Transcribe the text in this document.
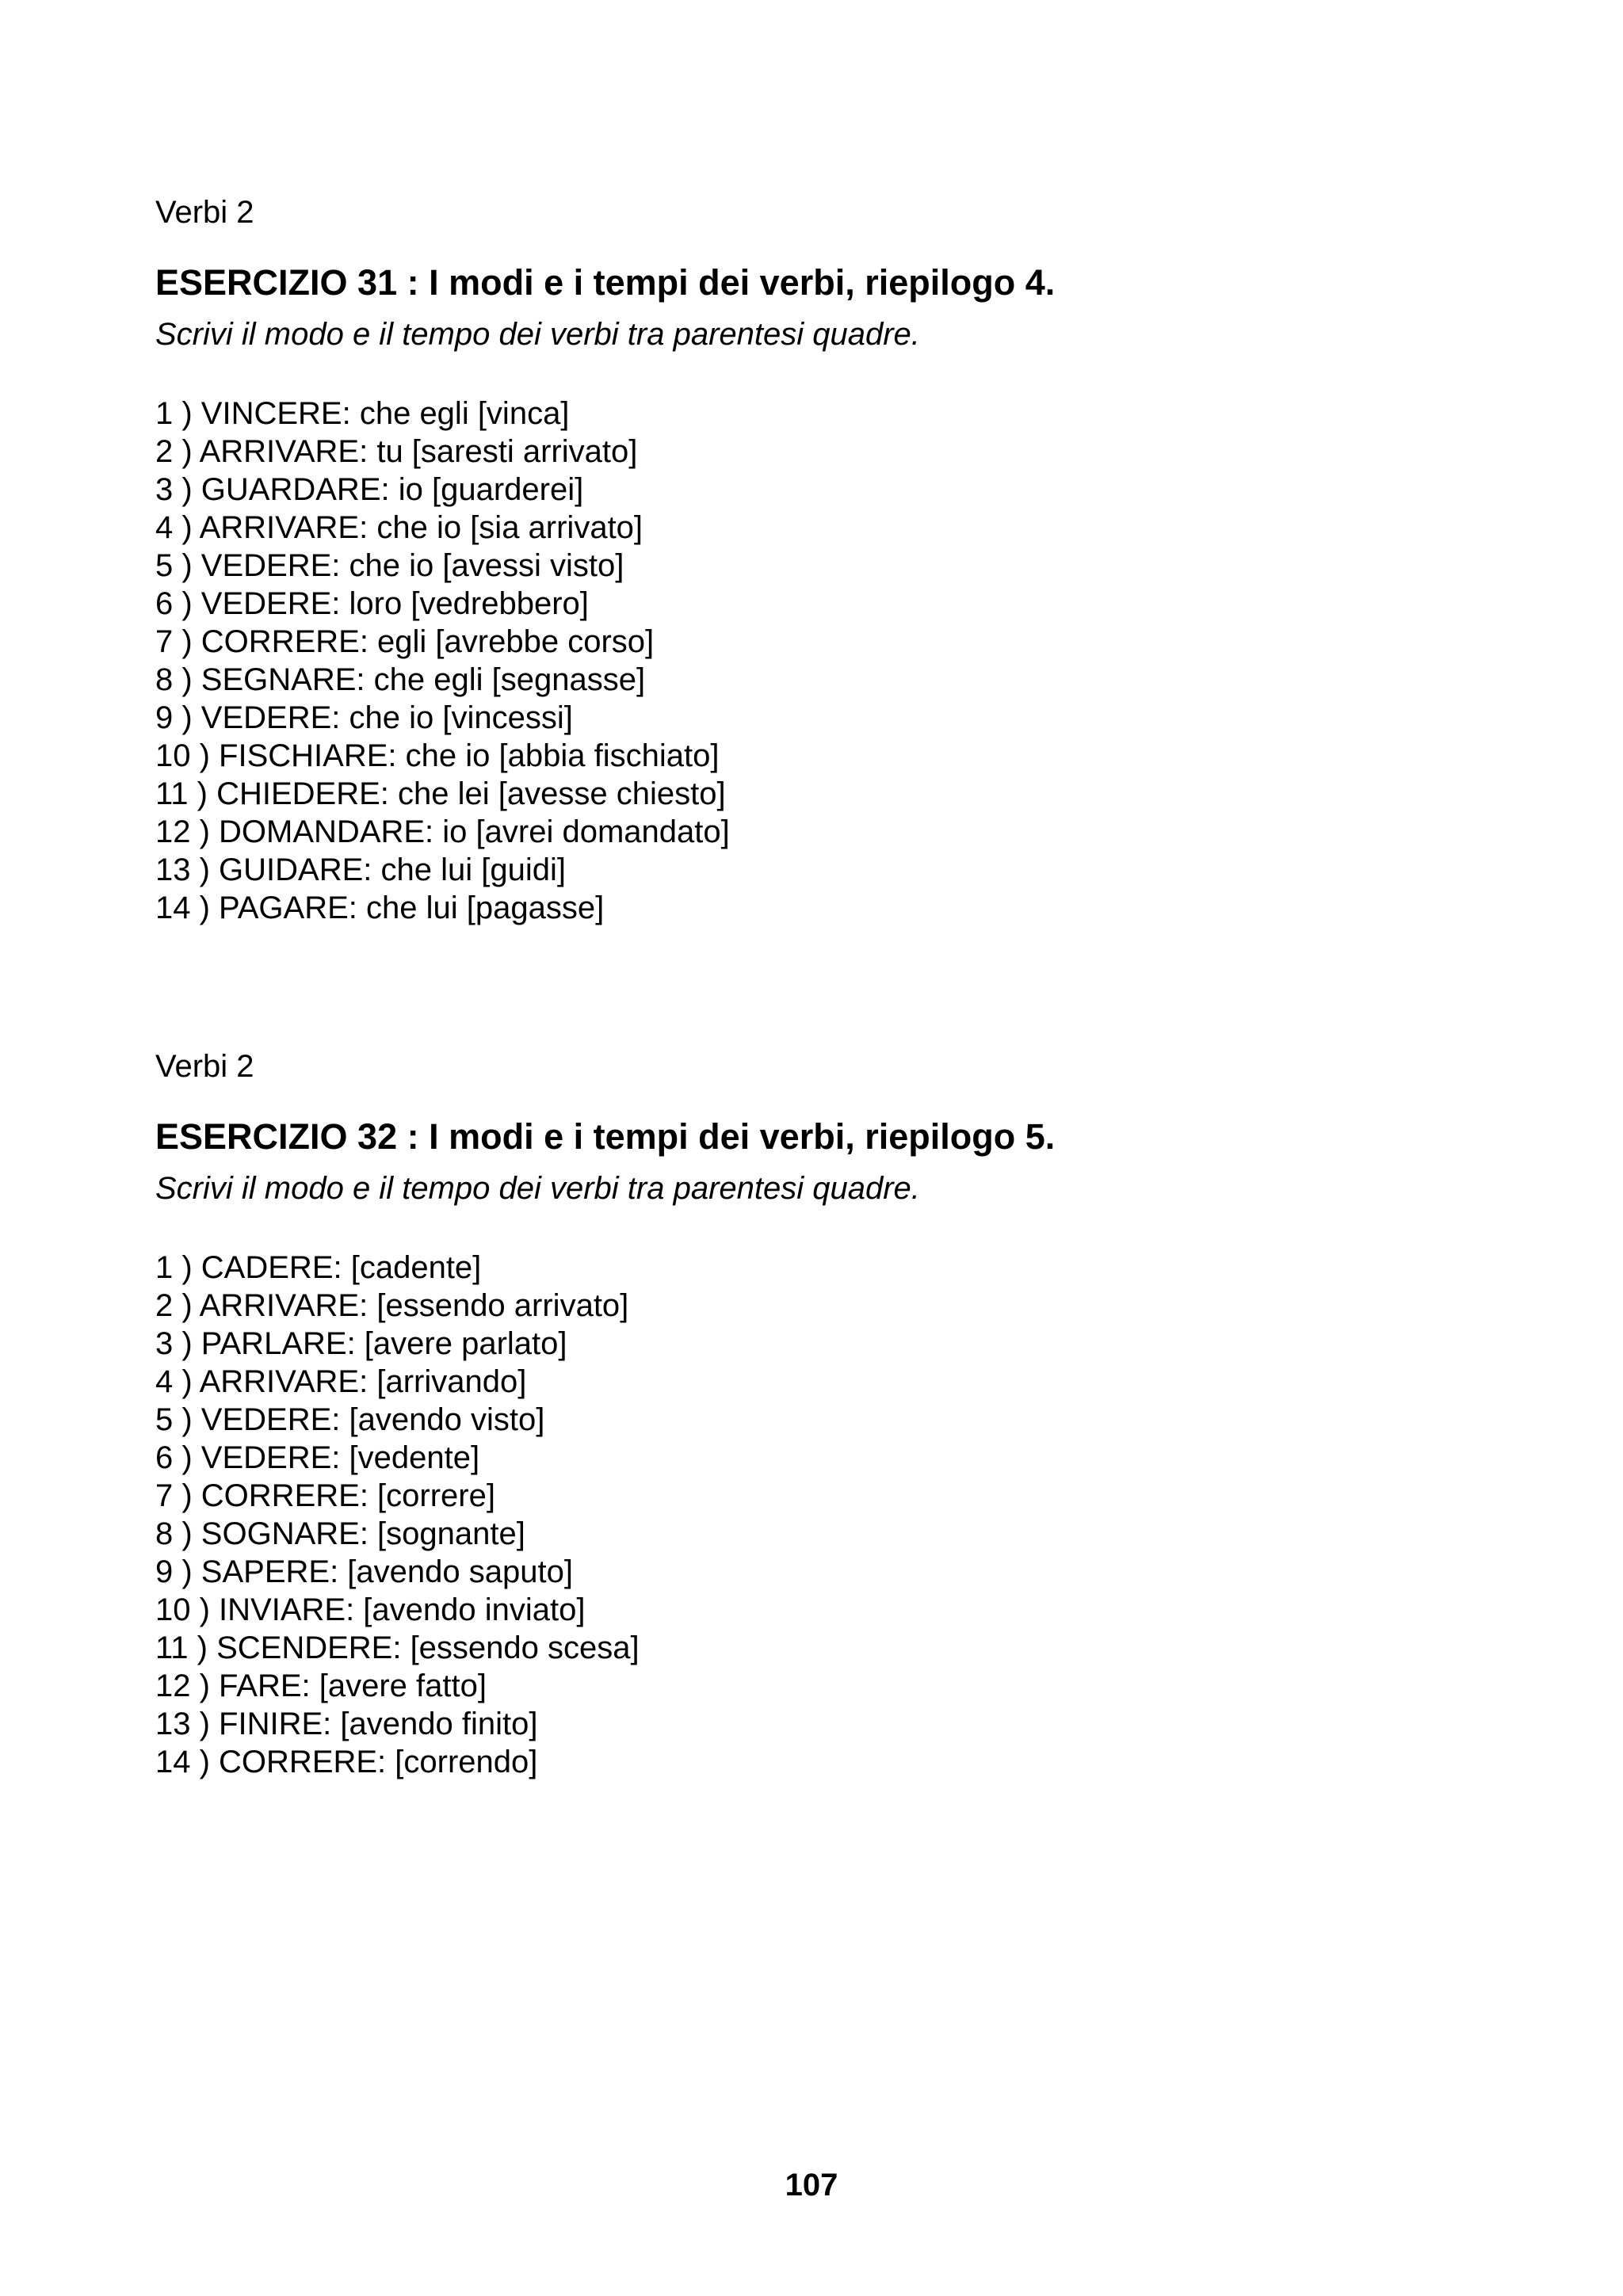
Verbi 2
ESERCIZIO 31 : I modi e i tempi dei verbi, riepilogo 4.
Scrivi il modo e il tempo dei verbi tra parentesi quadre.
1 ) VINCERE: che egli [vinca]
2 ) ARRIVARE: tu [saresti arrivato]
3 ) GUARDARE: io [guarderei]
4 ) ARRIVARE: che io [sia arrivato]
5 ) VEDERE: che io [avessi visto]
6 ) VEDERE: loro [vedrebbero]
7 ) CORRERE: egli [avrebbe corso]
8 ) SEGNARE: che egli [segnasse]
9 ) VEDERE: che io [vincessi]
10 ) FISCHIARE: che io [abbia fischiato]
11 ) CHIEDERE: che lei [avesse chiesto]
12 ) DOMANDARE: io [avrei domandato]
13 ) GUIDARE: che lui [guidi]
14 ) PAGARE: che lui [pagasse]
Verbi 2
ESERCIZIO 32 : I modi e i tempi dei verbi, riepilogo 5.
Scrivi il modo e il tempo dei verbi tra parentesi quadre.
1 ) CADERE: [cadente]
2 ) ARRIVARE: [essendo arrivato]
3 ) PARLARE: [avere parlato]
4 ) ARRIVARE: [arrivando]
5 ) VEDERE: [avendo visto]
6 ) VEDERE: [vedente]
7 ) CORRERE: [correre]
8 ) SOGNARE: [sognante]
9 ) SAPERE: [avendo saputo]
10 ) INVIARE: [avendo inviato]
11 ) SCENDERE: [essendo scesa]
12 ) FARE: [avere fatto]
13 ) FINIRE: [avendo finito]
14 ) CORRERE: [correndo]
107
